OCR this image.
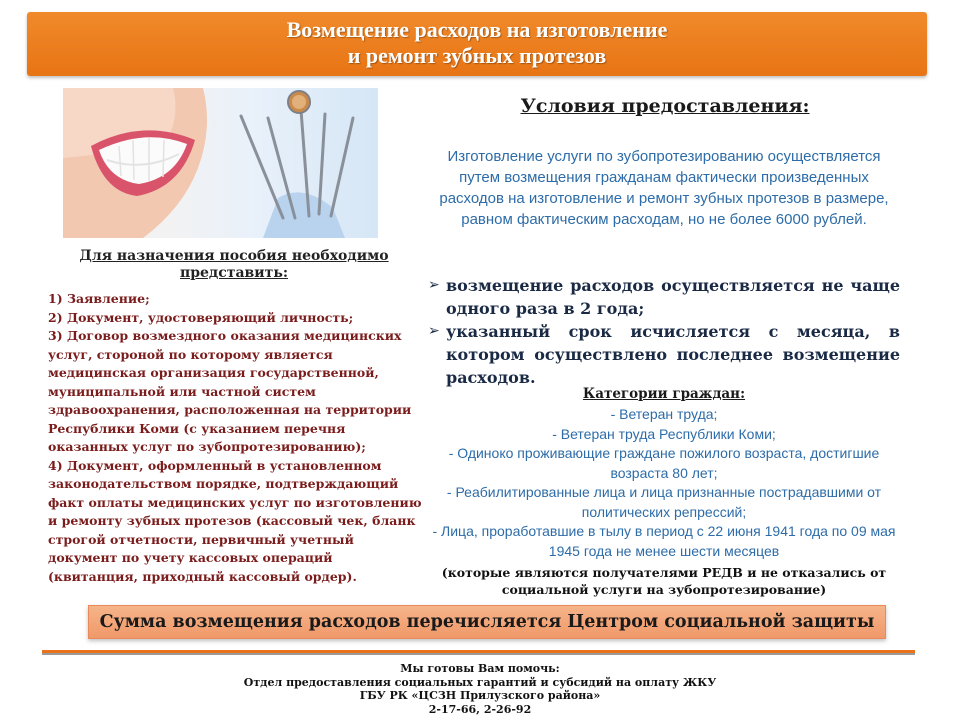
Возмещение расходов на изготовление
и ремонт зубных протезов
Для назначения пособия необходимо представить:
1) Заявление;
2) Документ, удостоверяющий личность;
3) Договор возмездного оказания медицинских услуг, стороной по которому является медицинская организация государственной, муниципальной или частной систем здравоохранения, расположенная на территории Республики Коми (с указанием перечня оказанных услуг по зубопротезированию);
4) Документ, оформленный в установленном законодательством порядке, подтверждающий факт оплаты медицинских услуг по изготовлению и ремонту зубных протезов (кассовый чек, бланк строгой отчетности, первичный учетный документ по учету кассовых операций (квитанция, приходный кассовый ордер).
Условия предоставления:
Изготовление услуги по зубопротезированию осуществляется путем возмещения гражданам фактически произведенных расходов на изготовление и ремонт зубных протезов в размере, равном фактическим расходам, но не более 6000 рублей.
➢ возмещение расходов осуществляется не чаще одного раза в 2 года;
➢ указанный срок исчисляется с месяца, в котором осуществлено последнее возмещение расходов.
Категории граждан:
- Ветеран труда;
- Ветеран труда Республики Коми;
- Одиноко проживающие граждане пожилого возраста, достигшие возраста 80 лет;
- Реабилитированные лица и лица признанные пострадавшими от политических репрессий;
- Лица, проработавшие в тылу в период с 22 июня 1941 года по 09 мая 1945 года не менее шести месяцев
(которые являются получателями РЕДВ и не отказались от социальной услуги на зубопротезирование)
Сумма возмещения расходов перечисляется Центром социальной защиты
Мы готовы Вам помочь:
Отдел предоставления социальных гарантий и субсидий на оплату ЖКУ
ГБУ РК «ЦСЗН Прилузского района»
2-17-66, 2-26-92
